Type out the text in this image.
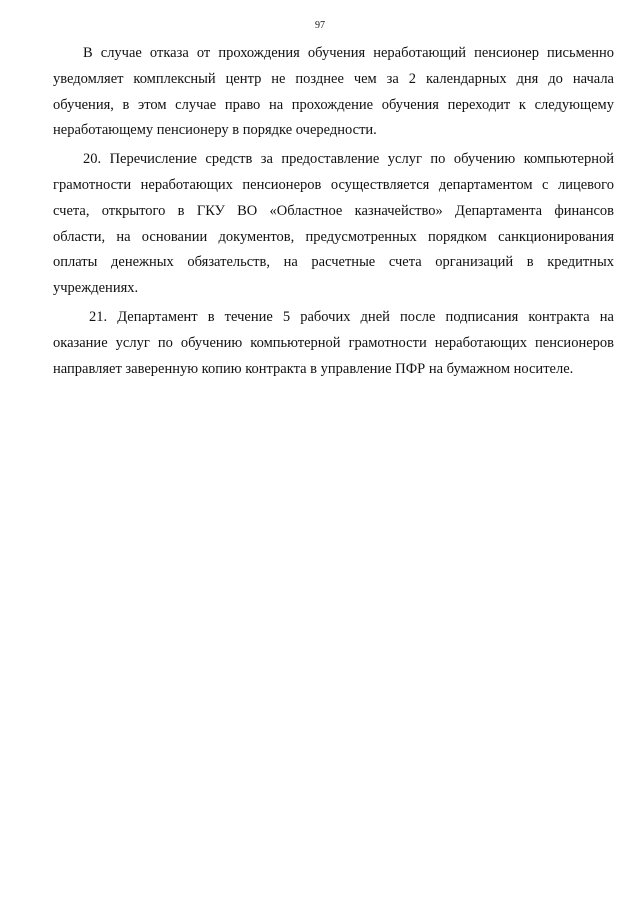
97
В случае отказа от прохождения обучения неработающий пенсионер письменно
уведомляет комплексный центр не позднее чем за 2 календарных дня до начала
обучения, в этом случае право на прохождение обучения переходит к следующему
неработающему пенсионеру в порядке очередности.
20. Перечисление средств за предоставление услуг по обучению компьютерной
грамотности неработающих пенсионеров осуществляется департаментом с лицевого
счета, открытого в ГКУ ВО «Областное казначейство» Департамента финансов
области, на основании документов, предусмотренных порядком санкционирования
оплаты денежных обязательств, на расчетные счета организаций в кредитных
учреждениях.
21. Департамент в течение 5 рабочих дней после подписания контракта на
оказание услуг по обучению компьютерной грамотности неработающих пенсионеров
направляет заверенную копию контракта в управление ПФР на бумажном носителе.
